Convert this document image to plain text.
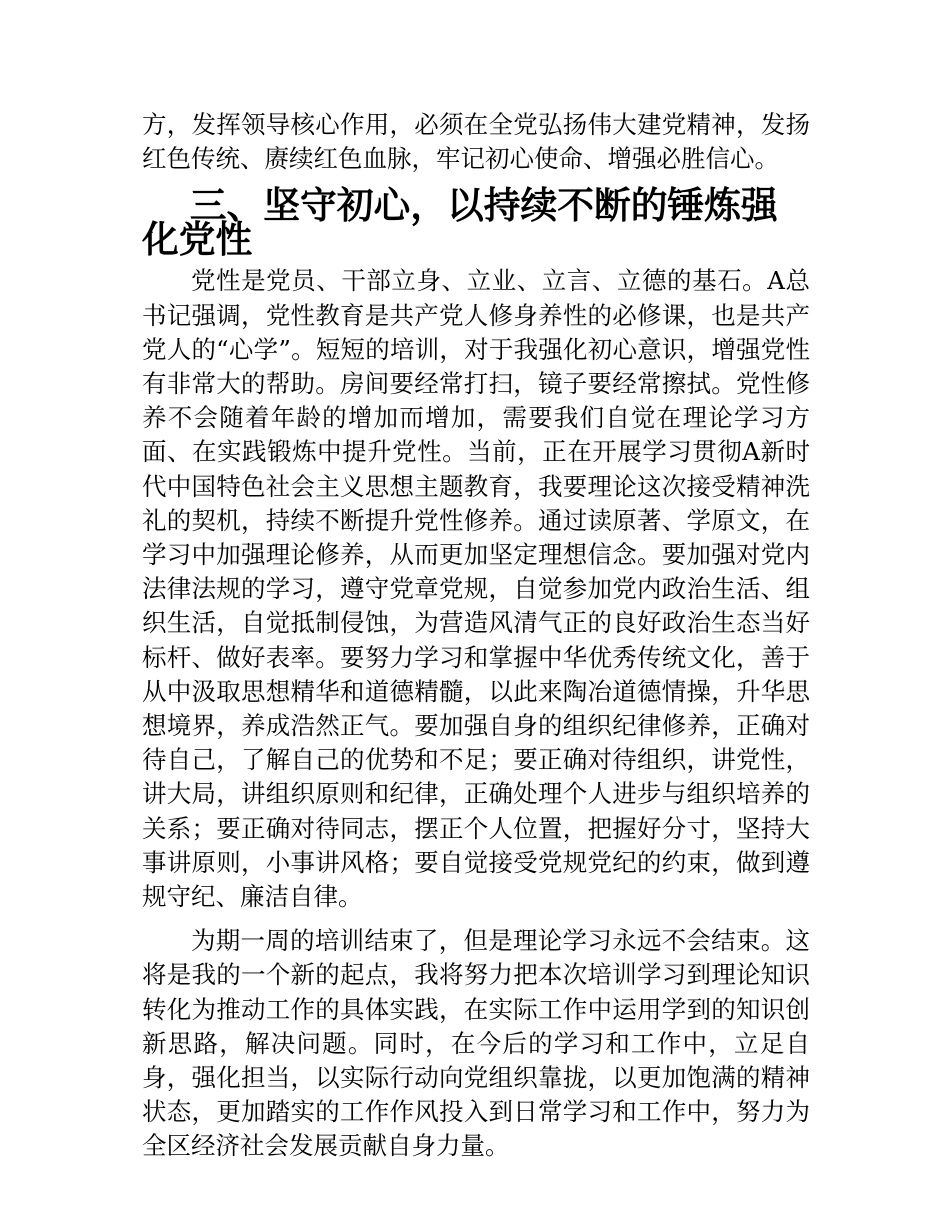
方，发挥领导核心作用，必须在全党弘扬伟大建党精神，发扬红色传统、赓续红色血脉，牢记初心使命、增强必胜信心。

三、坚守初心，以持续不断的锤炼强化党性

党性是党员、干部立身、立业、立言、立德的基石。A总书记强调，党性教育是共产党人修身养性的必修课，也是共产党人的“心学”。短短的培训，对于我强化初心意识，增强党性有非常大的帮助。房间要经常打扫，镜子要经常擦拭。党性修养不会随着年龄的增加而增加，需要我们自觉在理论学习方面、在实践锻炼中提升党性。当前，正在开展学习贯彻A新时代中国特色社会主义思想主题教育，我要理论这次接受精神洗礼的契机，持续不断提升党性修养。通过读原著、学原文，在学习中加强理论修养，从而更加坚定理想信念。要加强对党内法律法规的学习，遵守党章党规，自觉参加党内政治生活、组织生活，自觉抵制侵蚀，为营造风清气正的良好政治生态当好标杆、做好表率。要努力学习和掌握中华优秀传统文化，善于从中汲取思想精华和道德精髓，以此来陶冶道德情操，升华思想境界，养成浩然正气。要加强自身的组织纪律修养，正确对待自己，了解自己的优势和不足；要正确对待组织，讲党性，讲大局，讲组织原则和纪律，正确处理个人进步与组织培养的关系；要正确对待同志，摆正个人位置，把握好分寸，坚持大事讲原则，小事讲风格；要自觉接受党规党纪的约束，做到遵规守纪、廉洁自律。

为期一周的培训结束了，但是理论学习永远不会结束。这将是我的一个新的起点，我将努力把本次培训学习到理论知识转化为推动工作的具体实践，在实际工作中运用学到的知识创新思路，解决问题。同时，在今后的学习和工作中，立足自身，强化担当，以实际行动向党组织靠拢，以更加饱满的精神状态，更加踏实的工作作风投入到日常学习和工作中，努力为全区经济社会发展贡献自身力量。
